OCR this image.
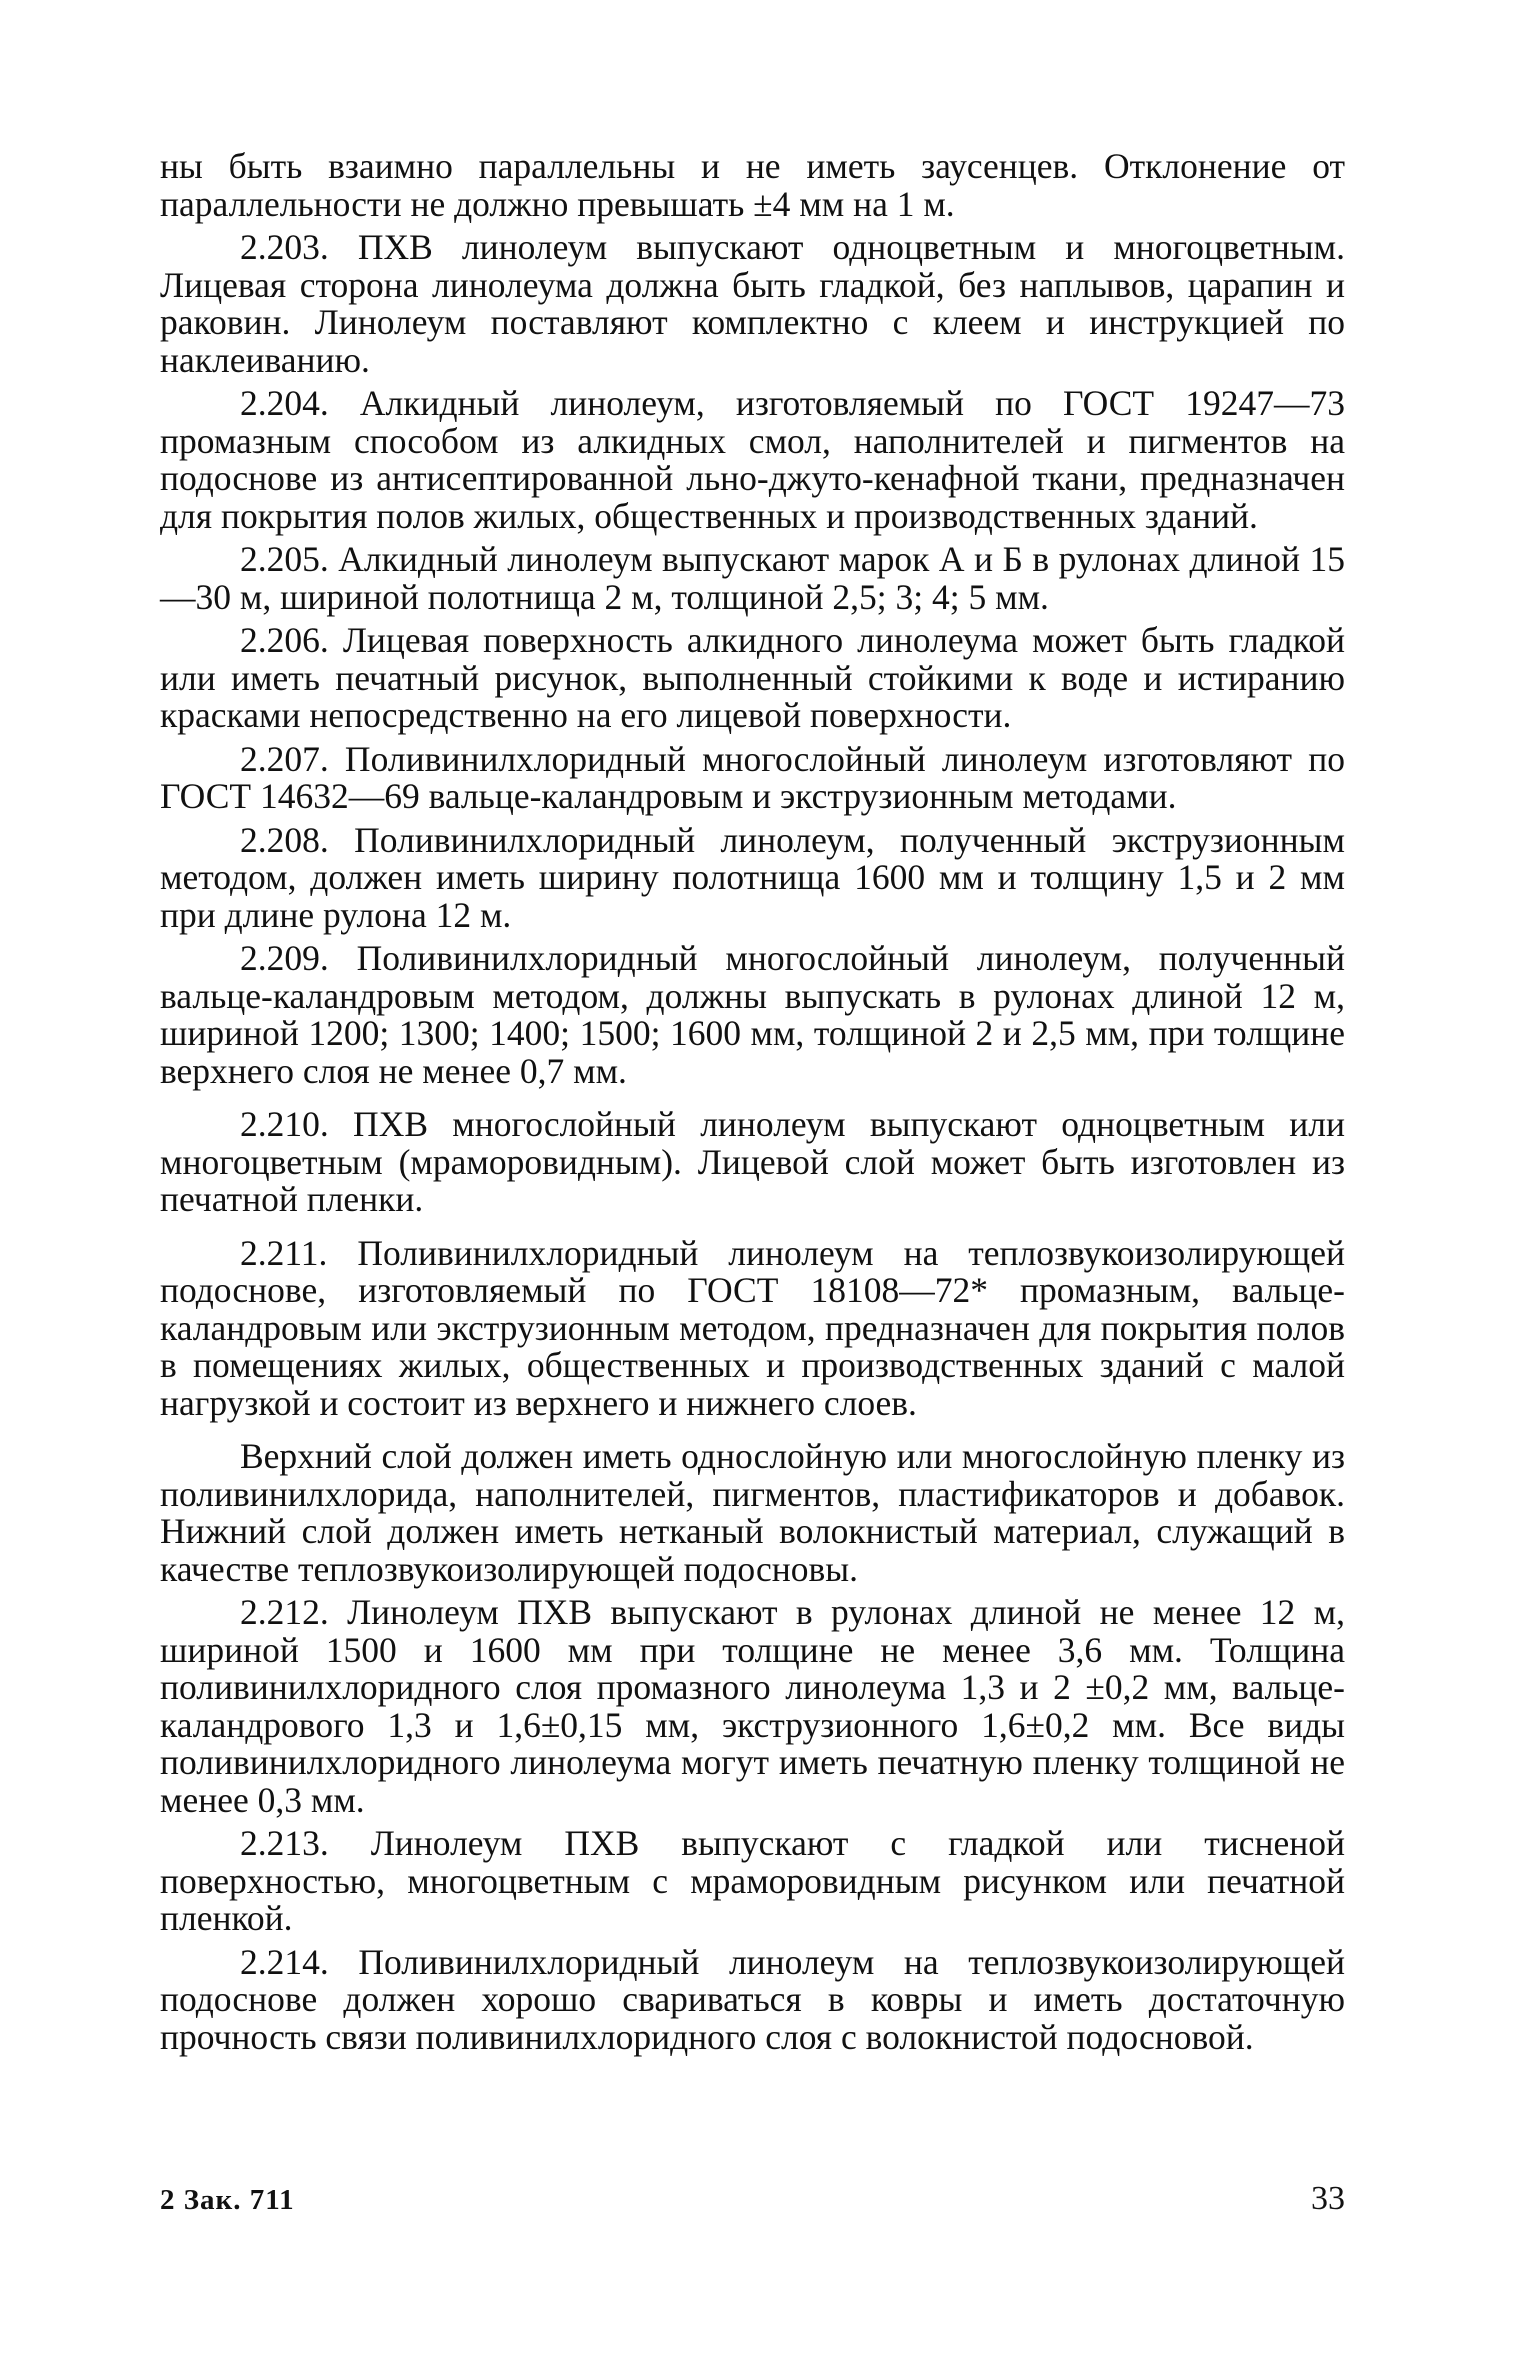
ны быть взаимно параллельны и не иметь заусенцев. Отклонение от параллельности не должно превышать ±4 мм на 1 м.

2.203. ПХВ линолеум выпускают одноцветным и многоцветным. Лицевая сторона линолеума должна быть гладкой, без наплывов, царапин и раковин. Линолеум поставляют комплектно с клеем и инструкцией по наклеиванию.

2.204. Алкидный линолеум, изготовляемый по ГОСТ 19247—73 промазным способом из алкидных смол, наполнителей и пигментов на подоснове из антисептированной льно-джуто-кенафной ткани, предназначен для покрытия полов жилых, общественных и производственных зданий.

2.205. Алкидный линолеум выпускают марок А и Б в рулонах длиной 15—30 м, шириной полотнища 2 м, толщиной 2,5; 3; 4; 5 мм.

2.206. Лицевая поверхность алкидного линолеума может быть гладкой или иметь печатный рисунок, выполненный стойкими к воде и истиранию красками непосредственно на его лицевой поверхности.

2.207. Поливинилхлоридный многослойный линолеум изготовляют по ГОСТ 14632—69 вальце-каландровым и экструзионным методами.

2.208. Поливинилхлоридный линолеум, полученный экструзионным методом, должен иметь ширину полотнища 1600 мм и толщину 1,5 и 2 мм при длине рулона 12 м.

2.209. Поливинилхлоридный многослойный линолеум, полученный вальце-каландровым методом, должны выпускать в рулонах длиной 12 м, шириной 1200; 1300; 1400; 1500; 1600 мм, толщиной 2 и 2,5 мм, при толщине верхнего слоя не менее 0,7 мм.

2.210. ПХВ многослойный линолеум выпускают одноцветным или многоцветным (мраморовидным). Лицевой слой может быть изготовлен из печатной пленки.

2.211. Поливинилхлоридный линолеум на теплозвукоизолирующей подоснове, изготовляемый по ГОСТ 18108—72* промазным, вальце-каландровым или экструзионным методом, предназначен для покрытия полов в помещениях жилых, общественных и производственных зданий с малой нагрузкой и состоит из верхнего и нижнего слоев.

Верхний слой должен иметь однослойную или многослойную пленку из поливинилхлорида, наполнителей, пигментов, пластификаторов и добавок. Нижний слой должен иметь нетканый волокнистый материал, служащий в качестве теплозвукоизолирующей подосновы.

2.212. Линолеум ПХВ выпускают в рулонах длиной не менее 12 м, шириной 1500 и 1600 мм при толщине не менее 3,6 мм. Толщина поливинилхлоридного слоя промазного линолеума 1,3 и 2 ±0,2 мм, вальце-каландрового 1,3 и 1,6±0,15 мм, экструзионного 1,6±0,2 мм. Все виды поливинилхлоридного линолеума могут иметь печатную пленку толщиной не менее 0,3 мм.

2.213. Линолеум ПХВ выпускают с гладкой или тисненой поверхностью, многоцветным с мраморовидным рисунком или печатной пленкой.

2.214. Поливинилхлоридный линолеум на теплозвукоизолирующей подоснове должен хорошо свариваться в ковры и иметь достаточную прочность связи поливинилхлоридного слоя с волокнистой подосновой.

2 Зак. 711	33
